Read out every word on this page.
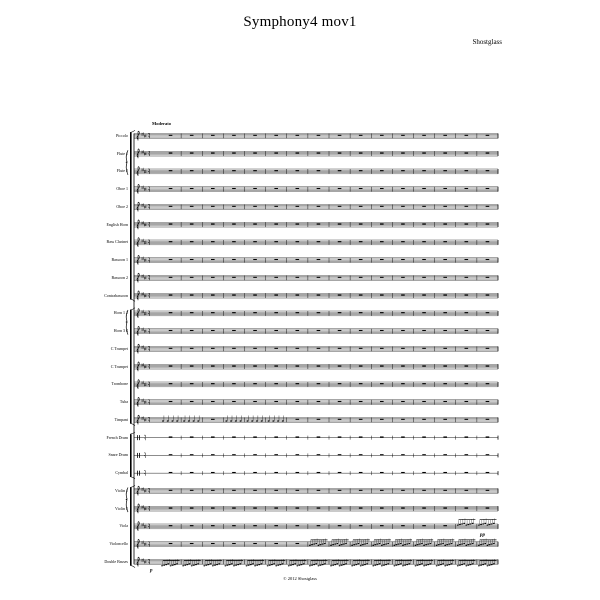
Symphony4 mov1
Shostglass
Moderato
Piccolo
Flute 1
Flute 2
Oboe 1
Oboe 2
English Horn
Bass Clarinet
Bassoon 1
Bassoon 2
Contrabassoon
Horn 1 2
Horn 3 4
C Trumpet
C Trumpet
Trombone
Tuba
Timpani
French Drum
Snare Drum
Cymbal
Violin 1
Violin 2
Viola
Violoncello
Double Basses
p
pp
© 2012 Shostglass
